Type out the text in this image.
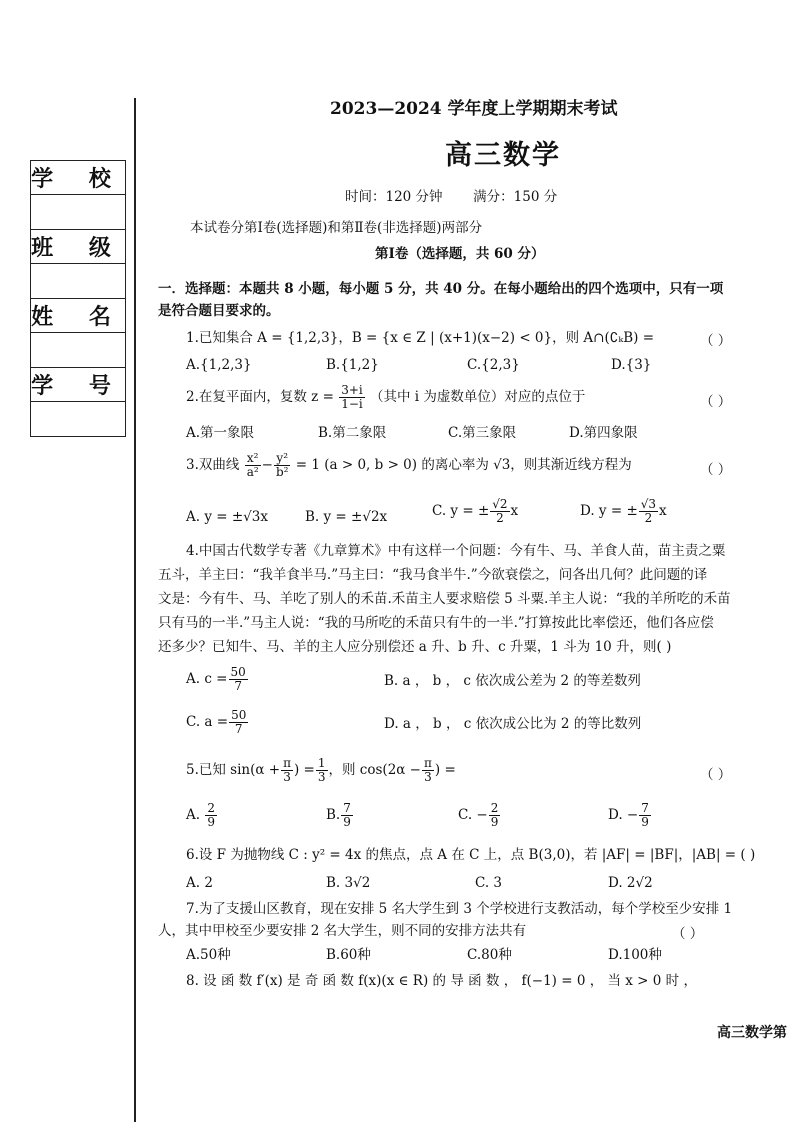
学 校

班 级

姓 名

学 号

2023—2024 学年度上学期期末考试
高三数学
时间：120 分钟 满分：150 分
本试卷分第Ⅰ卷(选择题)和第Ⅱ卷(非选择题)两部分
第Ⅰ卷（选择题，共 60 分）
一．选择题：本题共 8 小题，每小题 5 分，共 40 分。在每小题给出的四个选项中，只有一项
是符合题目要求的。
1.已知集合 A = {1,2,3}，B = {x ∈ Z | (x+1)(x−2) < 0}，则 A∩(∁ₖB) =	（ ）
A.{1,2,3}	B.{1,2}	C.{2,3}	D.{3}
2.在复平面内，复数 $z = \frac{3+i}{1-i}$ （其中 i 为虚数单位）对应的点位于	（ ）
A.第一象限	B.第二象限	C.第三象限	D.第四象限
3.双曲线 $\frac{\text{x²}}{\text{a²}} - \frac{\text{y²}}{\text{b²}} = 1$ (a > 0, b > 0) 的离心率为 √3，则其渐近线方程为	（ ）
A. y = ±√3x	B. y = ±√2x	C. y = ± $\frac{√2}{2}$ x	D. y = ± $\frac{√3}{2}$ x
4.中国古代数学专著《九章算术》中有这样一个问题：今有牛、马、羊食人苗，苗主责之粟
五斗，羊主曰：“我羊食半马.”马主曰：“我马食半牛.”今欲衰偿之，问各出几何？此问题的译
文是：今有牛、马、羊吃了别人的禾苗.禾苗主人要求赔偿 5 斗粟.羊主人说：“我的羊所吃的禾苗
只有马的一半.”马主人说：“我的马所吃的禾苗只有牛的一半.”打算按此比率偿还，他们各应偿
还多少？已知牛、马、羊的主人应分别偿还 a 升、b 升、c 升粟，1 斗为 10 升，则( )
A. $c = \frac{50}{7}$	B. a ， b ， c 依次成公差为 2 的等差数列
C. $a = \frac{50}{7}$	D. a ， b ， c 依次成公比为 2 的等比数列
5.已知 $\sin(\alpha + \frac{\pi}{3}$ ) = $\frac{1}{3}$ ，则 $\cos(2\alpha - \frac{\pi}{3}$ ) =	（ ）
A. $\frac{2}{9}$	B. $\frac{7}{9}$	C. − $\frac{2}{9}$	D. − $\frac{7}{9}$
6.设 F 为抛物线 C : y² = 4x 的焦点，点 A 在 C 上，点 B(3,0)，若 |AF| = |BF|，|AB| = ( )
A. 2	B. 3√2	C. 3	D. 2√2
7.为了支援山区教育，现在安排 5 名大学生到 3 个学校进行支教活动，每个学校至少安排 1
人，其中甲校至少要安排 2 名大学生，则不同的安排方法共有	（ ）
A.50种	B.60种	C.80种	D.100种
8. 设 函 数 f′(x) 是 奇 函 数 f(x)(x ∈ R) 的 导 函 数 ， f(−1) = 0 ， 当 x > 0 时 ，
高三数学第
